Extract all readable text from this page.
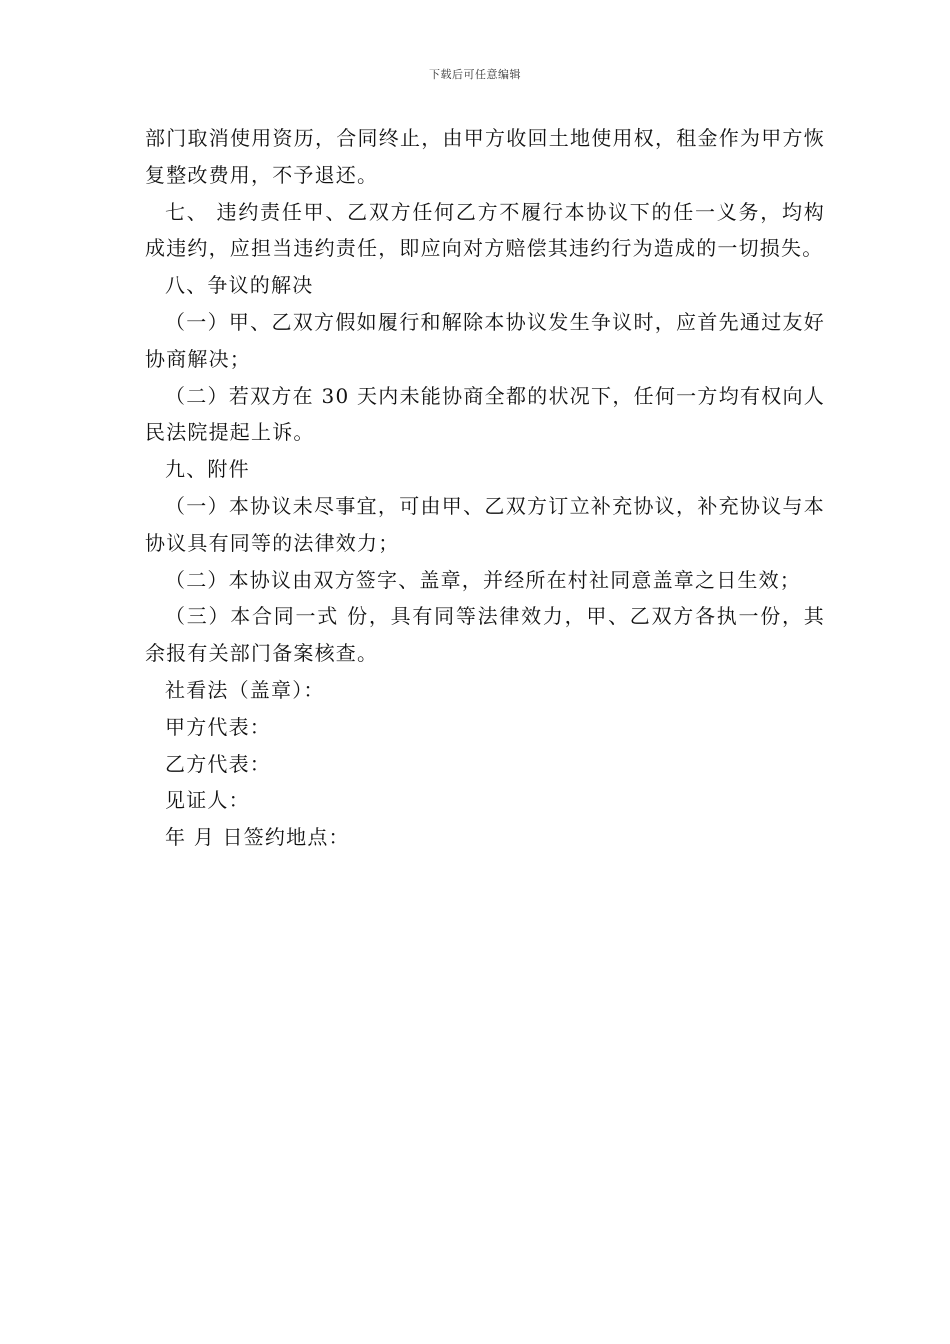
下载后可任意编辑

部门取消使用资历，合同终止，由甲方收回土地使用权，租金作为甲方恢复整改费用，不予退还。

七、 违约责任甲、乙双方任何乙方不履行本协议下的任一义务，均构成违约，应担当违约责任，即应向对方赔偿其违约行为造成的一切损失。

八、争议的解决

（一）甲、乙双方假如履行和解除本协议发生争议时，应首先通过友好协商解决；

（二）若双方在 30 天内未能协商全都的状况下，任何一方均有权向人民法院提起上诉。

九、附件

（一）本协议未尽事宜，可由甲、乙双方订立补充协议，补充协议与本协议具有同等的法律效力；

（二）本协议由双方签字、盖章，并经所在村社同意盖章之日生效；

（三）本合同一式 份，具有同等法律效力，甲、乙双方各执一份，其余报有关部门备案核查。

社看法（盖章）：

甲方代表：

乙方代表：

见证人：

年 月 日签约地点：
